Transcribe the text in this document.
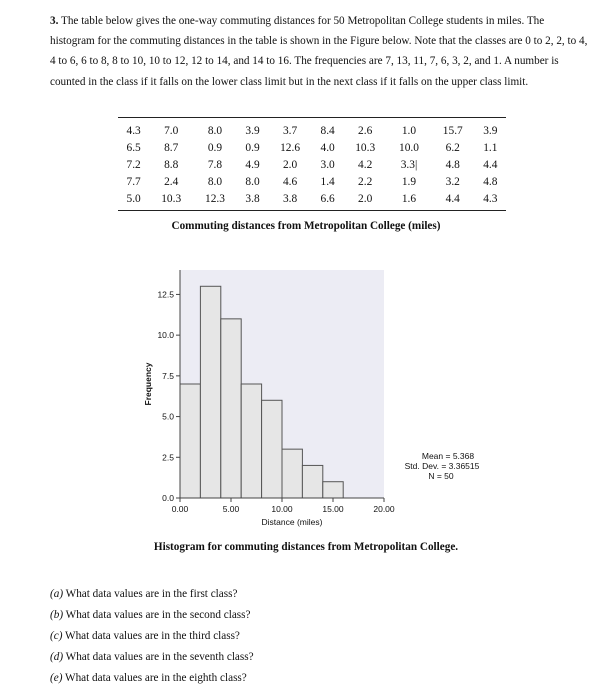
3. The table below gives the one-way commuting distances for 50 Metropolitan College students in miles. The histogram for the commuting distances in the table is shown in the Figure below. Note that the classes are 0 to 2, 2, to 4, 4 to 6, 6 to 8, 8 to 10, 10 to 12, 12 to 14, and 14 to 16. The frequencies are 7, 13, 11, 7, 6, 3, 2, and 1. A number is counted in the class if it falls on the lower class limit but in the next class if it falls on the upper class limit.
4.3	7.0	8.0	3.9	3.7	8.4	2.6	1.0	15.7	3.9
6.5	8.7	0.9	0.9	12.6	4.0	10.3	10.0	6.2	1.1
7.2	8.8	7.8	4.9	2.0	3.0	4.2	3.3|	4.8	4.4
7.7	2.4	8.0	8.0	4.6	1.4	2.2	1.9	3.2	4.8
5.0	10.3	12.3	3.8	3.8	6.6	2.0	1.6	4.4	4.3
Commuting distances from Metropolitan College (miles)
0.0
2.5
5.0
7.5
10.0
12.5
0.00	5.00	10.00	15.00	20.00
Distance (miles)
Frequency
Mean = 5.368
Std. Dev. = 3.36515
N = 50
Histogram for commuting distances from Metropolitan College.
(a) What data values are in the first class?
(b) What data values are in the second class?
(c) What data values are in the third class?
(d) What data values are in the seventh class?
(e) What data values are in the eighth class?
